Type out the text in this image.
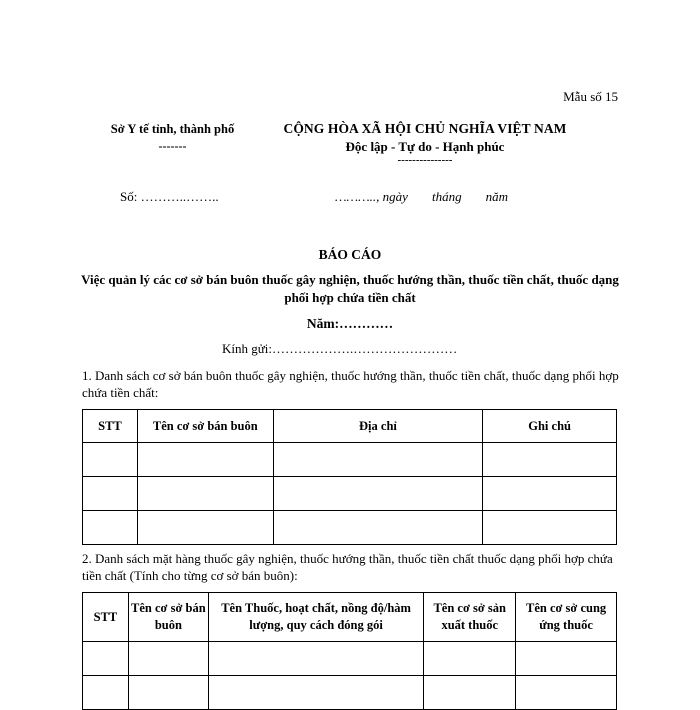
Mẫu số 15
Sở Y tế tỉnh, thành phố
-------
CỘNG HÒA XÃ HỘI CHỦ NGHĨA VIỆT NAM
Độc lập - Tự do - Hạnh phúc
---------------
Số: ………..……..	……….., ngày tháng năm
BÁO CÁO
Việc quản lý các cơ sở bán buôn thuốc gây nghiện, thuốc hướng thần, thuốc tiền chất, thuốc dạng phối hợp chứa tiền chất
Năm:…………
Kính gửi:……………….……………………
1. Danh sách cơ sở bán buôn thuốc gây nghiện, thuốc hướng thần, thuốc tiền chất, thuốc dạng phối hợp chứa tiền chất:
STT	Tên cơ sở bán buôn	Địa chỉ	Ghi chú

2. Danh sách mặt hàng thuốc gây nghiện, thuốc hướng thần, thuốc tiền chất thuốc dạng phối hợp chứa tiền chất (Tính cho từng cơ sở bán buôn):
STT	Tên cơ sở bán buôn	Tên Thuốc, hoạt chất, nồng độ/hàm lượng, quy cách đóng gói	Tên cơ sở sản xuất thuốc	Tên cơ sở cung ứng thuốc
